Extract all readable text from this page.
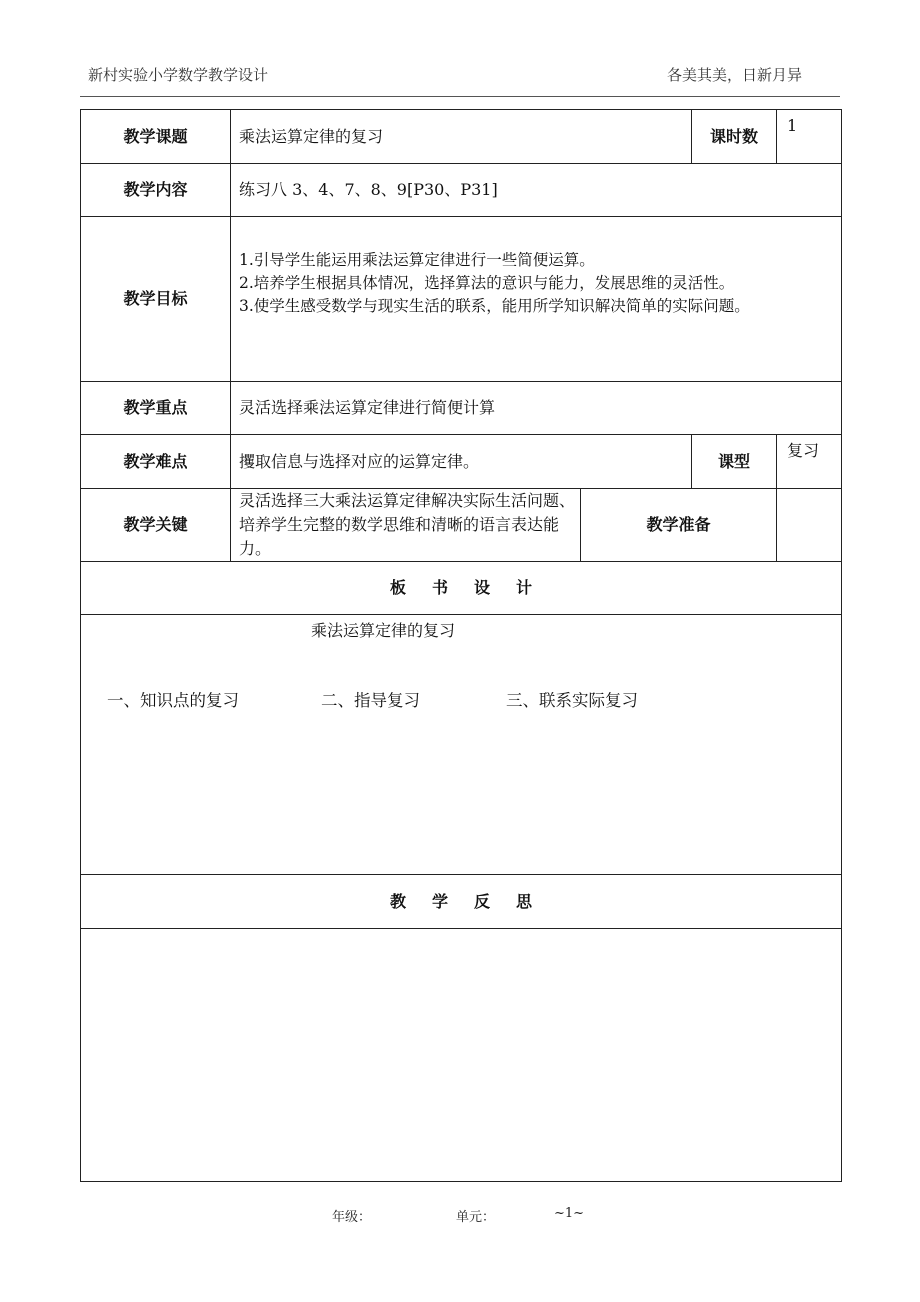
新村实验小学数学教学设计	各美其美，日新月异
教学课题	乘法运算定律的复习		课时数	1
教学内容	练习八 3、4、7、8、9[P30、P31]			
教学目标	1.引导学生能运用乘法运算定律进行一些简便运算。
2.培养学生根据具体情况，选择算法的意识与能力，发展思维的灵活性。
3.使学生感受数学与现实生活的联系，能用所学知识解决简单的实际问题。			

教学重点	灵活选择乘法运算定律进行简便计算			
教学难点	攫取信息与选择对应的运算定律。		课型	复习
教学关键	灵活选择三大乘法运算定律解决实际生活问题、培养学生完整的数学思维和清晰的语言表达能力。	教学准备		
板书设计				

乘法运算定律的复习
一、知识点的复习 二、指导复习 三、联系实际复习				

教学反思				

年级：	单元：	~1~
